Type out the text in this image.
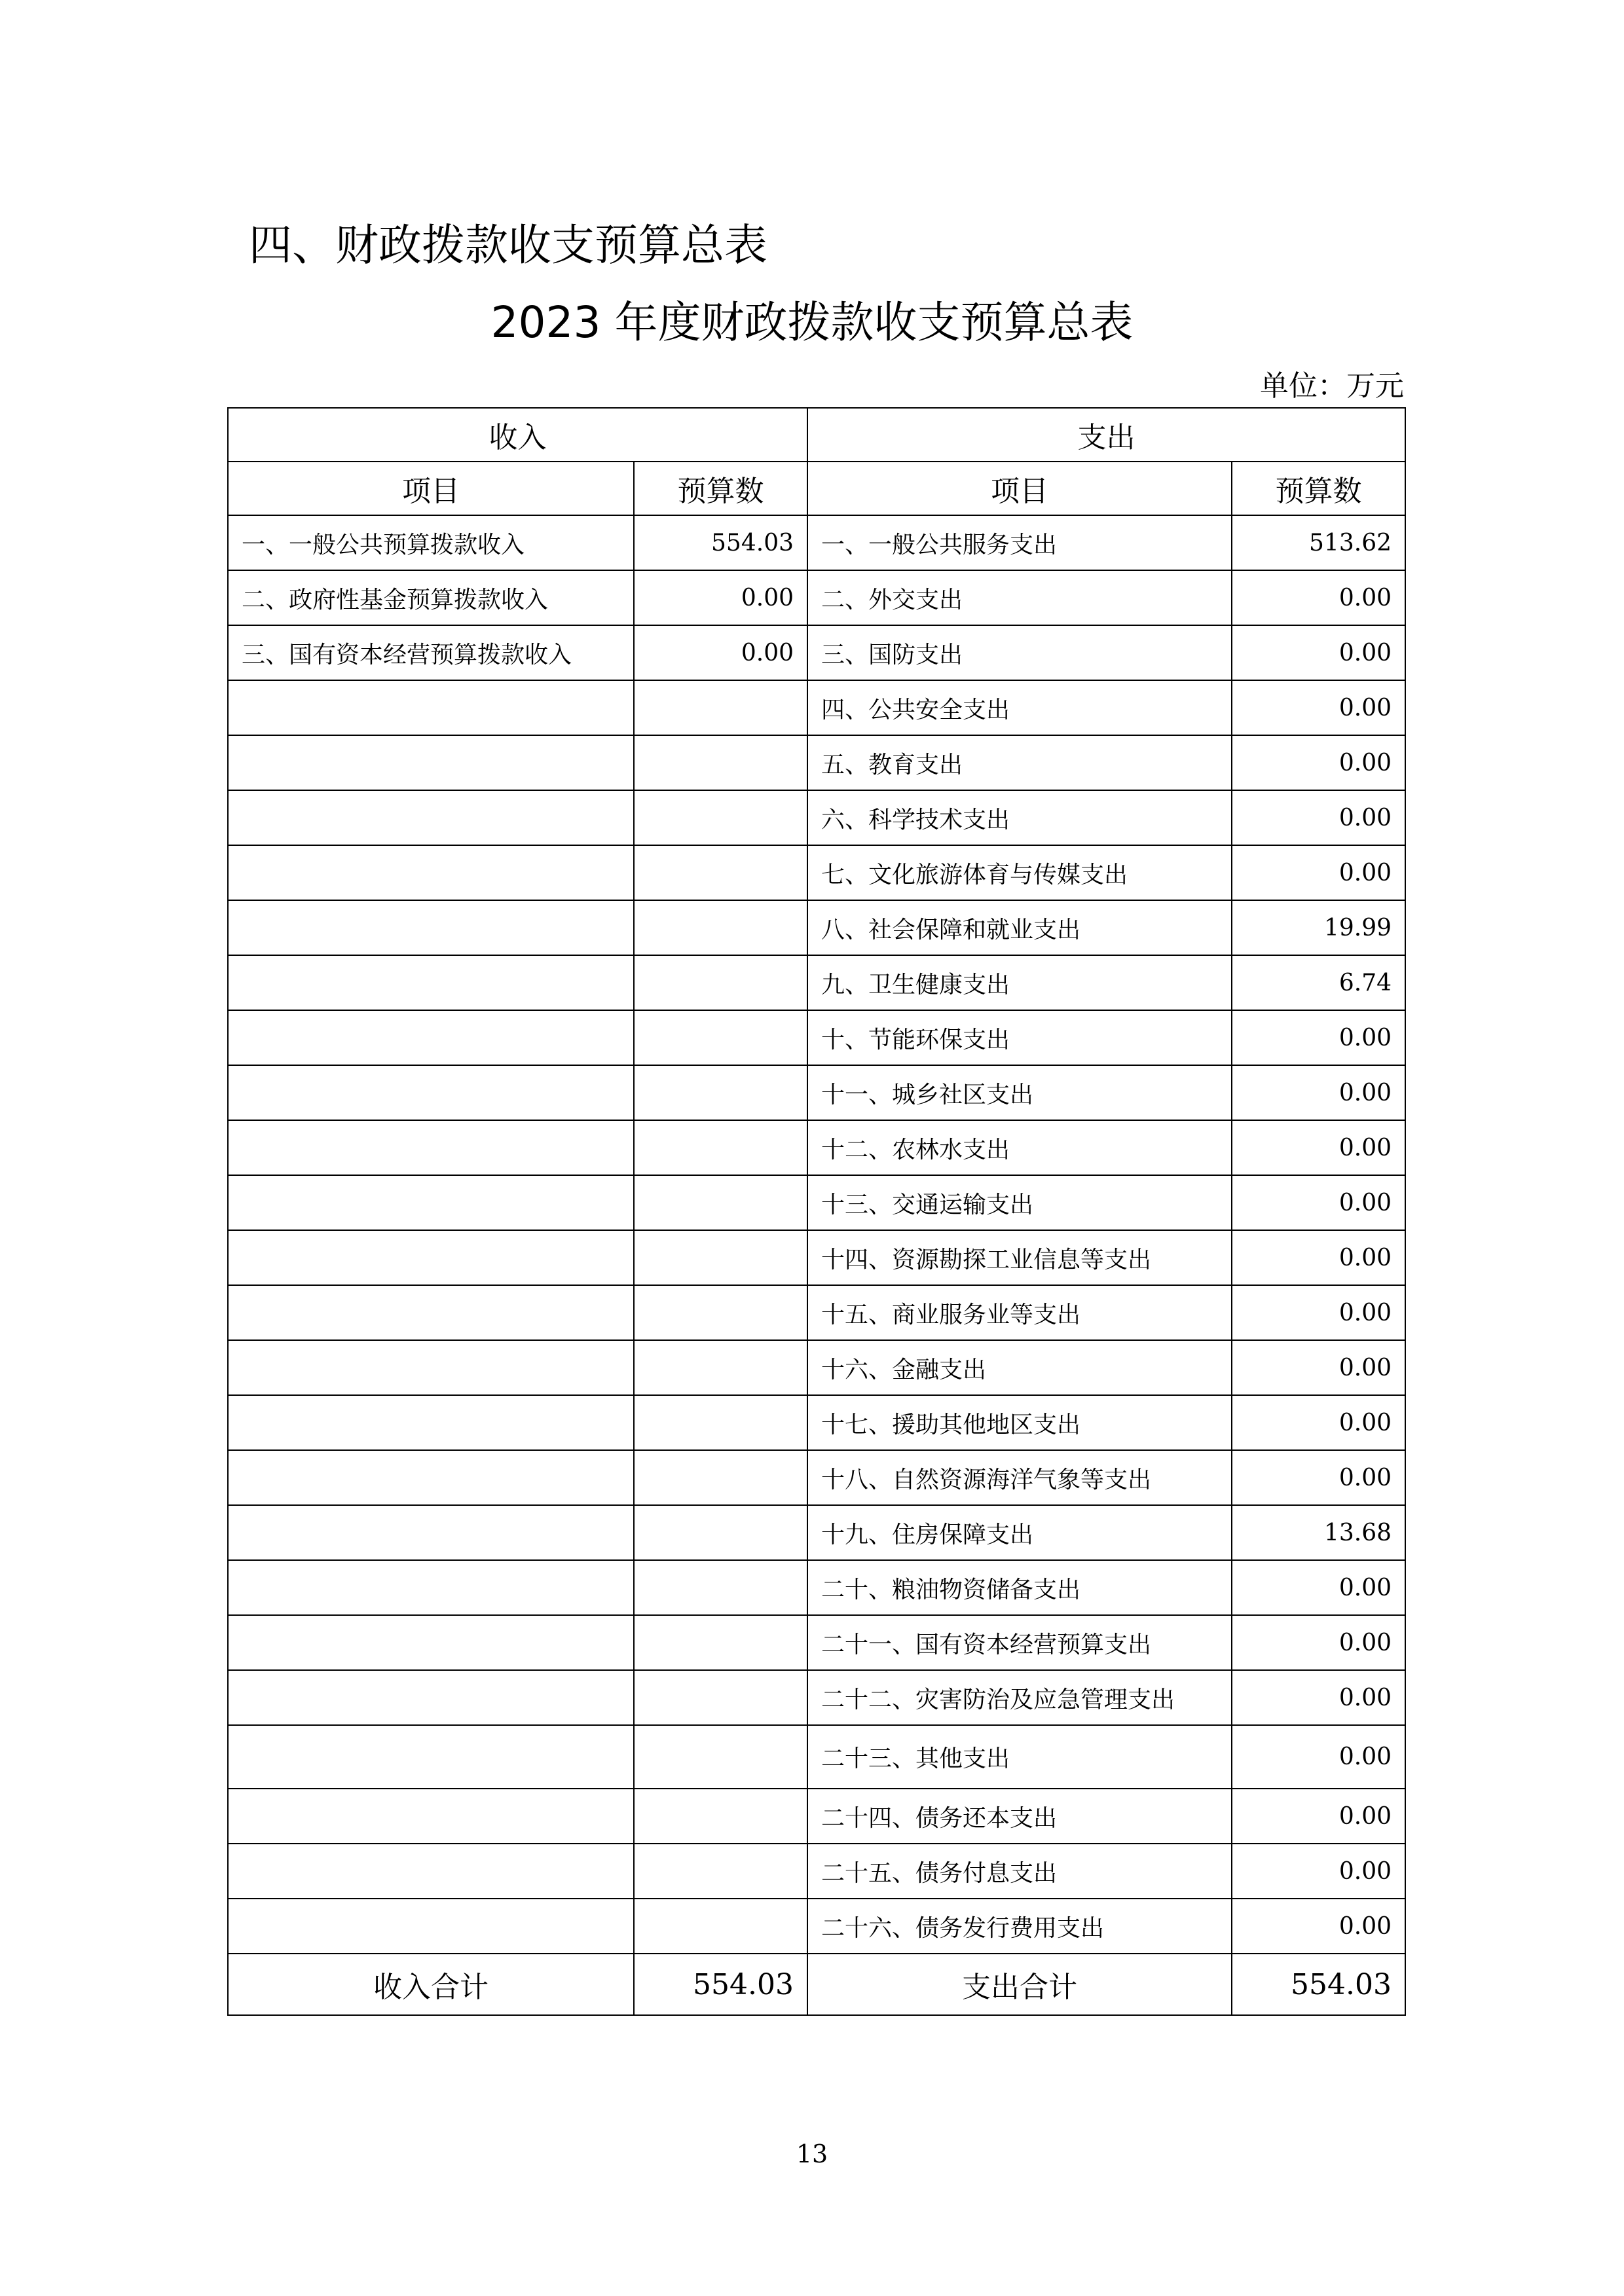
四、财政拨款收支预算总表
2023 年度财政拨款收支预算总表
单位：万元
收入		支出	
项目	预算数	项目	预算数
一、一般公共预算拨款收入	554.03	一、一般公共服务支出	513.62
二、政府性基金预算拨款收入	0.00	二、外交支出	0.00
三、国有资本经营预算拨款收入	0.00	三、国防支出	0.00
		四、公共安全支出	0.00
		五、教育支出	0.00
		六、科学技术支出	0.00
		七、文化旅游体育与传媒支出	0.00
		八、社会保障和就业支出	19.99
		九、卫生健康支出	6.74
		十、节能环保支出	0.00
		十一、城乡社区支出	0.00
		十二、农林水支出	0.00
		十三、交通运输支出	0.00
		十四、资源勘探工业信息等支出	0.00
		十五、商业服务业等支出	0.00
		十六、金融支出	0.00
		十七、援助其他地区支出	0.00
		十八、自然资源海洋气象等支出	0.00
		十九、住房保障支出	13.68
		二十、粮油物资储备支出	0.00
		二十一、国有资本经营预算支出	0.00
		二十二、灾害防治及应急管理支出	0.00
		二十三、其他支出	0.00
		二十四、债务还本支出	0.00
		二十五、债务付息支出	0.00
		二十六、债务发行费用支出	0.00
收入合计	554.03	支出合计	554.03
13
